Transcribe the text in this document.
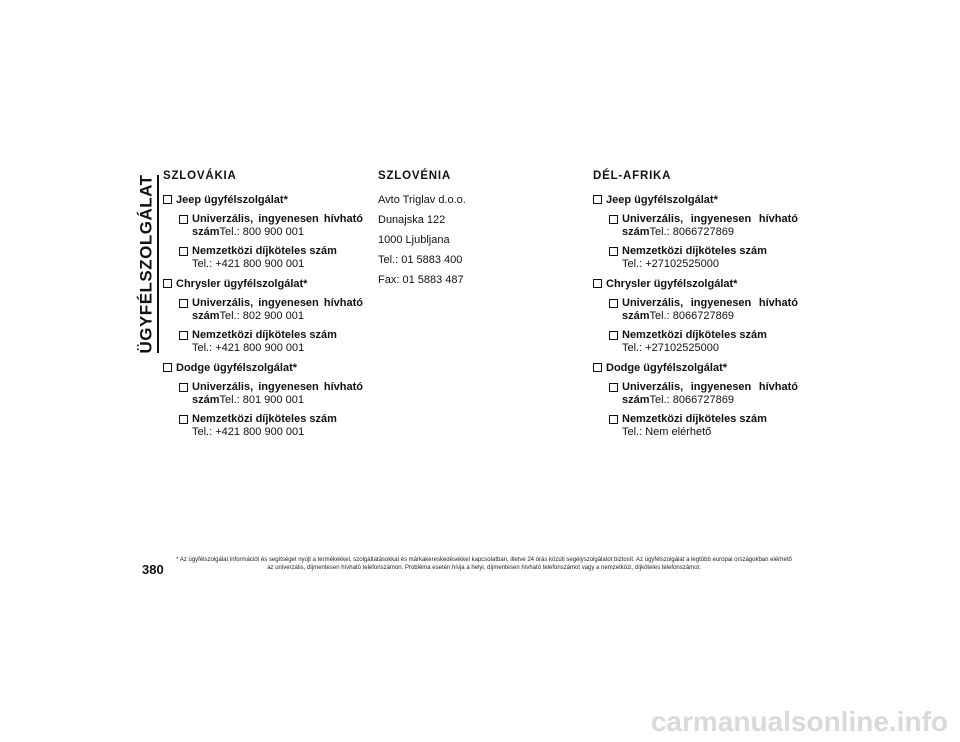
ÜGYFÉLSZOLGÁLAT SZLOVÁKIA
Jeep ügyfélszolgálat*
Univerzális, ingyenesen hívható számTel.: 800 900 001
Nemzetközi díjköteles szám
Tel.: +421 800 900 001
Chrysler ügyfélszolgálat*
Univerzális, ingyenesen hívható számTel.: 802 900 001
Nemzetközi díjköteles szám
Tel.: +421 800 900 001
Dodge ügyfélszolgálat*
Univerzális, ingyenesen hívható számTel.: 801 900 001
Nemzetközi díjköteles szám
Tel.: +421 800 900 001
SZLOVÉNIA
Avto Triglav d.o.o.
Dunajska 122
1000 Ljubljana
Tel.: 01 5883 400
Fax: 01 5883 487
DÉL-AFRIKA
Jeep ügyfélszolgálat*
Univerzális, ingyenesen hívható számTel.: 8066727869
Nemzetközi díjköteles szám
Tel.: +27102525000
Chrysler ügyfélszolgálat*
Univerzális, ingyenesen hívható számTel.: 8066727869
Nemzetközi díjköteles szám
Tel.: +27102525000
Dodge ügyfélszolgálat*
Univerzális, ingyenesen hívható számTel.: 8066727869
Nemzetközi díjköteles szám
Tel.: Nem elérhető
380
* Az ügyfélszolgálat információt és segítséget nyújt a termékekkel, szolgáltatásokkal és márkakereskedésekkel kapcsolatban, illetve 24 órás közúti segélyszolgálatot biztosít. Az ügyfélszolgálat a legtöbb európai országokban elérhető az univerzális, díjmentesen hívható telefonszámon. Probléma esetén hívja a helyi, díjmentesen hívható telefonszámot vagy a nemzetközi, díjköteles telefonszámot.
carmanualsonline.info
